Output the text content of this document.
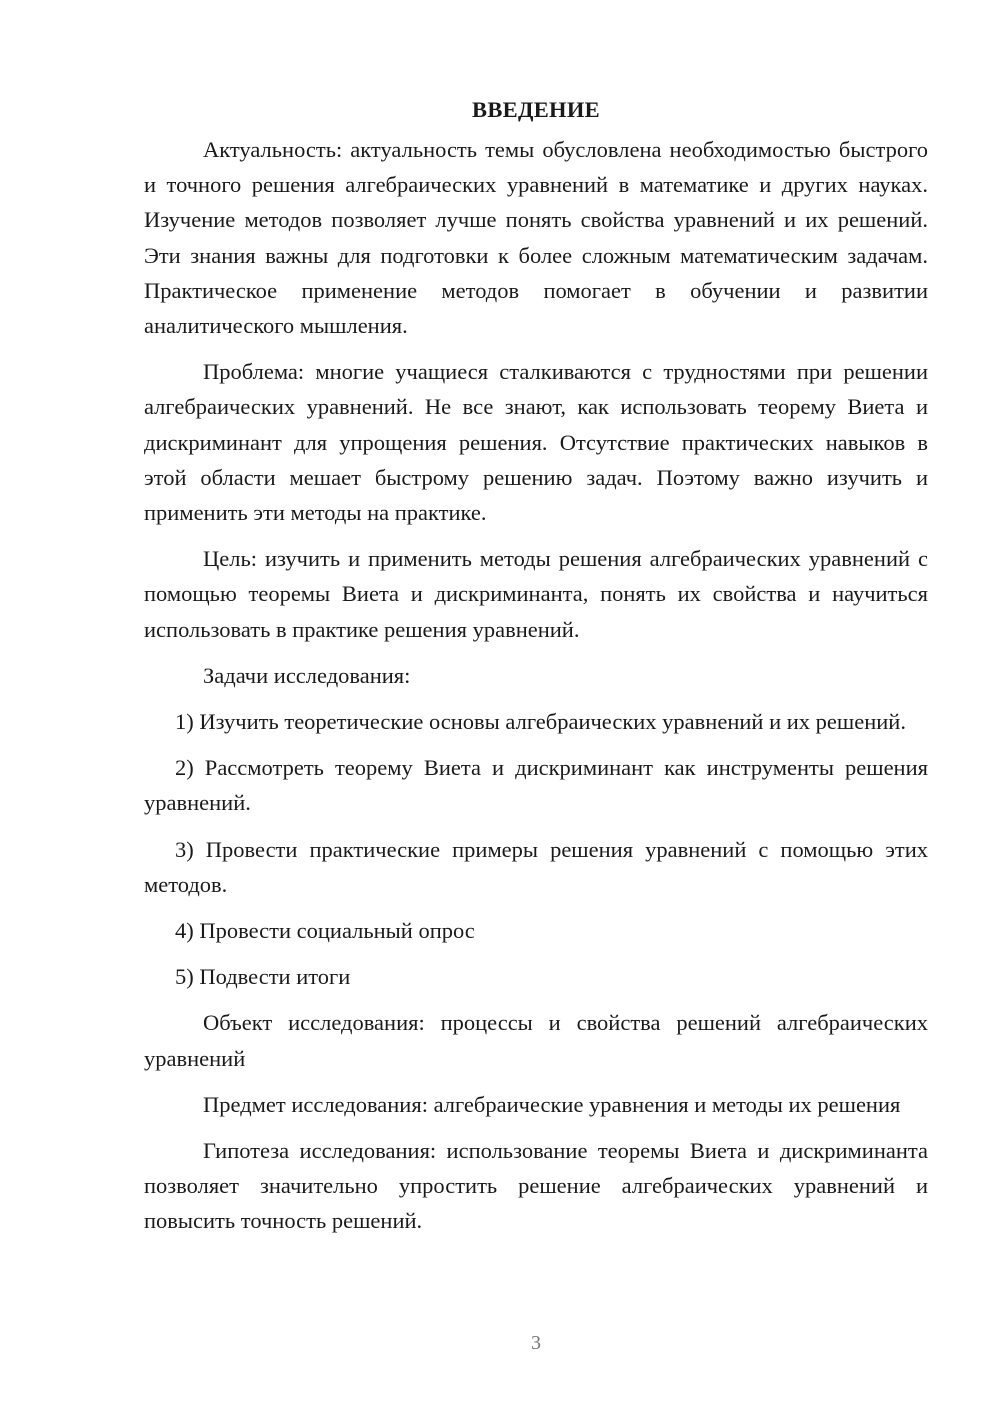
ВВЕДЕНИЕ

Актуальность: актуальность темы обусловлена необходимостью быстрого и точного решения алгебраических уравнений в математике и других науках. Изучение методов позволяет лучше понять свойства уравнений и их решений. Эти знания важны для подготовки к более сложным математическим задачам. Практическое применение методов помогает в обучении и развитии аналитического мышления.

Проблема: многие учащиеся сталкиваются с трудностями при решении алгебраических уравнений. Не все знают, как использовать теорему Виета и дискриминант для упрощения решения. Отсутствие практических навыков в этой области мешает быстрому решению задач. Поэтому важно изучить и применить эти методы на практике.

Цель: изучить и применить методы решения алгебраических уравнений с помощью теоремы Виета и дискриминанта, понять их свойства и научиться использовать в практике решения уравнений.

Задачи исследования:

1) Изучить теоретические основы алгебраических уравнений и их решений.

2) Рассмотреть теорему Виета и дискриминант как инструменты решения уравнений.

3) Провести практические примеры решения уравнений с помощью этих методов.

4) Провести социальный опрос

5) Подвести итоги

Объект исследования: процессы и свойства решений алгебраических уравнений

Предмет исследования: алгебраические уравнения и методы их решения

Гипотеза исследования: использование теоремы Виета и дискриминанта позволяет значительно упростить решение алгебраических уравнений и повысить точность решений.

3
